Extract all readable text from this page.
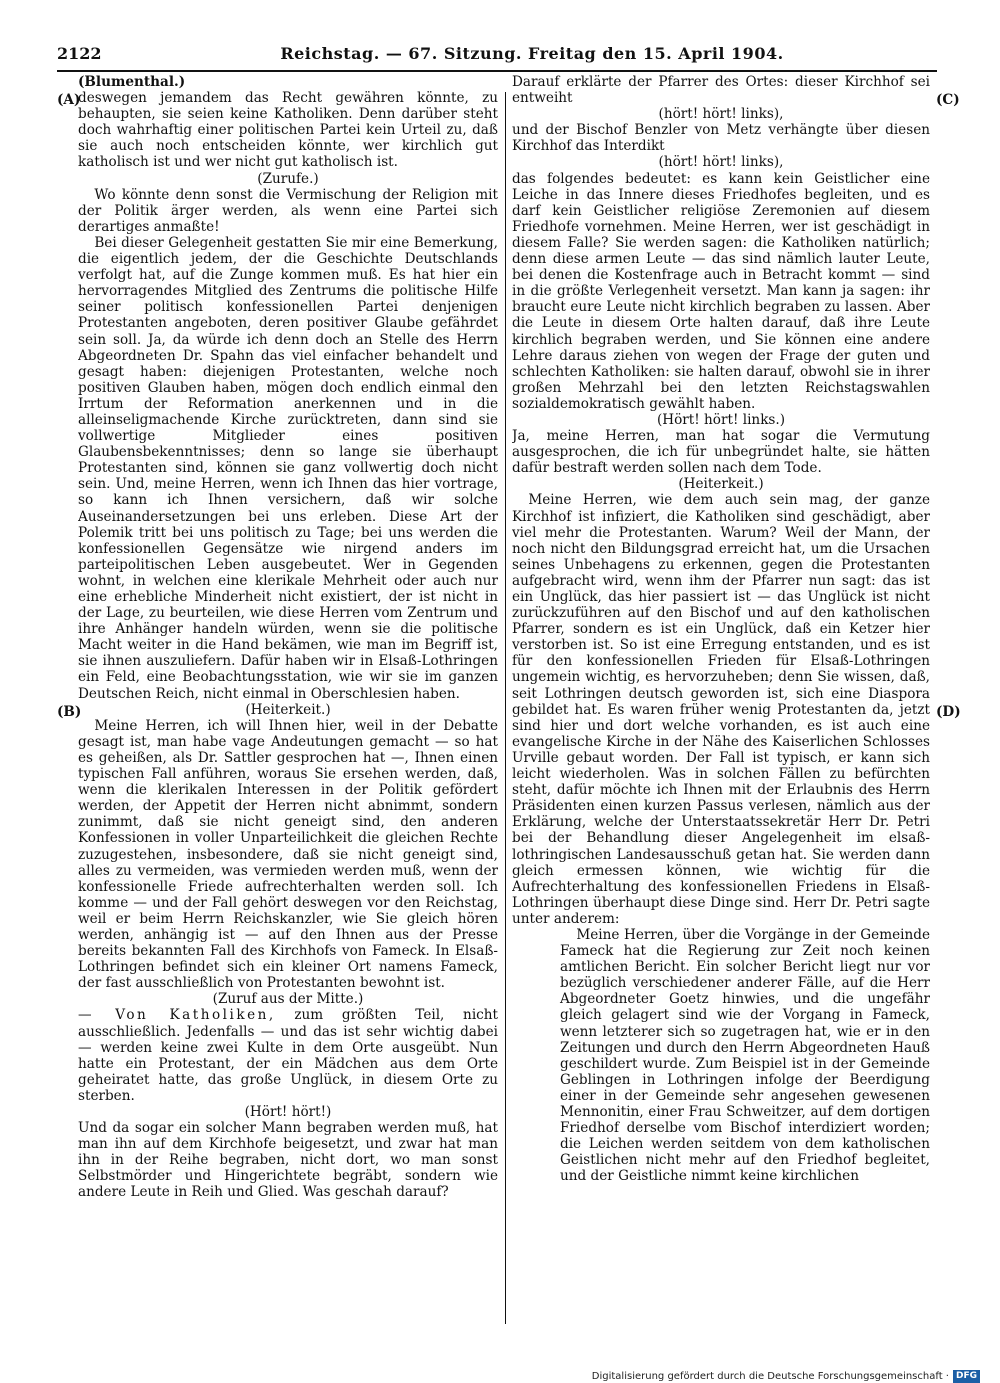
2122	Reichstag. — 67. Sitzung. Freitag den 15. April 1904.
(A)
(B)
(C)
(D)

(Blumenthal.)

deswegen jemandem das Recht gewähren könnte, zu behaupten, sie seien keine Katholiken. Denn darüber steht doch wahrhaftig einer politischen Partei kein Urteil zu, daß sie auch noch entscheiden könnte, wer kirchlich gut katholisch ist und wer nicht gut katholisch ist.

(Zurufe.)

Wo könnte denn sonst die Vermischung der Religion mit der Politik ärger werden, als wenn eine Partei sich derartiges anmaßte!

Bei dieser Gelegenheit gestatten Sie mir eine Bemerkung, die eigentlich jedem, der die Geschichte Deutschlands verfolgt hat, auf die Zunge kommen muß. Es hat hier ein hervorragendes Mitglied des Zentrums die politische Hilfe seiner politisch konfessionellen Partei denjenigen Protestanten angeboten, deren positiver Glaube gefährdet sein soll. Ja, da würde ich denn doch an Stelle des Herrn Abgeordneten Dr. Spahn das viel einfacher behandelt und gesagt haben: diejenigen Protestanten, welche noch positiven Glauben haben, mögen doch endlich einmal den Irrtum der Reformation anerkennen und in die alleinseligmachende Kirche zurücktreten, dann sind sie vollwertige Mitglieder eines positiven Glaubensbekenntnisses; denn so lange sie überhaupt Protestanten sind, können sie ganz vollwertig doch nicht sein. Und, meine Herren, wenn ich Ihnen das hier vortrage, so kann ich Ihnen versichern, daß wir solche Auseinandersetzungen bei uns erleben. Diese Art der Polemik tritt bei uns politisch zu Tage; bei uns werden die konfessionellen Gegensätze wie nirgend anders im parteipolitischen Leben ausgebeutet. Wer in Gegenden wohnt, in welchen eine klerikale Mehrheit oder auch nur eine erhebliche Minderheit nicht existiert, der ist nicht in der Lage, zu beurteilen, wie diese Herren vom Zentrum und ihre Anhänger handeln würden, wenn sie die politische Macht weiter in die Hand bekämen, wie man im Begriff ist, sie ihnen auszuliefern. Dafür haben wir in Elsaß-Lothringen ein Feld, eine Beobachtungsstation, wie wir sie im ganzen Deutschen Reich, nicht einmal in Oberschlesien haben.

(Heiterkeit.)

Meine Herren, ich will Ihnen hier, weil in der Debatte gesagt ist, man habe vage Andeutungen gemacht — so hat es geheißen, als Dr. Sattler gesprochen hat —, Ihnen einen typischen Fall anführen, woraus Sie ersehen werden, daß, wenn die klerikalen Interessen in der Politik gefördert werden, der Appetit der Herren nicht abnimmt, sondern zunimmt, daß sie nicht geneigt sind, den anderen Konfessionen in voller Unparteilichkeit die gleichen Rechte zuzugestehen, insbesondere, daß sie nicht geneigt sind, alles zu vermeiden, was vermieden werden muß, wenn der konfessionelle Friede aufrechterhalten werden soll. Ich komme — und der Fall gehört deswegen vor den Reichstag, weil er beim Herrn Reichskanzler, wie Sie gleich hören werden, anhängig ist — auf den Ihnen aus der Presse bereits bekannten Fall des Kirchhofs von Fameck. In Elsaß-Lothringen befindet sich ein kleiner Ort namens Fameck, der fast ausschließlich von Protestanten bewohnt ist.

(Zuruf aus der Mitte.)

— Von Katholiken, zum größten Teil, nicht ausschließlich. Jedenfalls — und das ist sehr wichtig dabei — werden keine zwei Kulte in dem Orte ausgeübt. Nun hatte ein Protestant, der ein Mädchen aus dem Orte geheiratet hatte, das große Unglück, in diesem Orte zu sterben.

(Hört! hört!)

Und da sogar ein solcher Mann begraben werden muß, hat man ihn auf dem Kirchhofe beigesetzt, und zwar hat man ihn in der Reihe begraben, nicht dort, wo man sonst Selbstmörder und Hingerichtete begräbt, sondern wie andere Leute in Reih und Glied. Was geschah darauf?

Darauf erklärte der Pfarrer des Ortes: dieser Kirchhof sei entweiht

(hört! hört! links),

und der Bischof Benzler von Metz verhängte über diesen Kirchhof das Interdikt

(hört! hört! links),

das folgendes bedeutet: es kann kein Geistlicher eine Leiche in das Innere dieses Friedhofes begleiten, und es darf kein Geistlicher religiöse Zeremonien auf diesem Friedhofe vornehmen. Meine Herren, wer ist geschädigt in diesem Falle? Sie werden sagen: die Katholiken natürlich; denn diese armen Leute — das sind nämlich lauter Leute, bei denen die Kostenfrage auch in Betracht kommt — sind in die größte Verlegenheit versetzt. Man kann ja sagen: ihr braucht eure Leute nicht kirchlich begraben zu lassen. Aber die Leute in diesem Orte halten darauf, daß ihre Leute kirchlich begraben werden, und Sie können eine andere Lehre daraus ziehen von wegen der Frage der guten und schlechten Katholiken: sie halten darauf, obwohl sie in ihrer großen Mehrzahl bei den letzten Reichstagswahlen sozialdemokratisch gewählt haben.

(Hört! hört! links.)

Ja, meine Herren, man hat sogar die Vermutung ausgesprochen, die ich für unbegründet halte, sie hätten dafür bestraft werden sollen nach dem Tode.

(Heiterkeit.)

Meine Herren, wie dem auch sein mag, der ganze Kirchhof ist infiziert, die Katholiken sind geschädigt, aber viel mehr die Protestanten. Warum? Weil der Mann, der noch nicht den Bildungsgrad erreicht hat, um die Ursachen seines Unbehagens zu erkennen, gegen die Protestanten aufgebracht wird, wenn ihm der Pfarrer nun sagt: das ist ein Unglück, das hier passiert ist — das Unglück ist nicht zurückzuführen auf den Bischof und auf den katholischen Pfarrer, sondern es ist ein Unglück, daß ein Ketzer hier verstorben ist. So ist eine Erregung entstanden, und es ist für den konfessionellen Frieden für Elsaß-Lothringen ungemein wichtig, es hervorzuheben; denn Sie wissen, daß, seit Lothringen deutsch geworden ist, sich eine Diaspora gebildet hat. Es waren früher wenig Protestanten da, jetzt sind hier und dort welche vorhanden, es ist auch eine evangelische Kirche in der Nähe des Kaiserlichen Schlosses Urville gebaut worden. Der Fall ist typisch, er kann sich leicht wiederholen. Was in solchen Fällen zu befürchten steht, dafür möchte ich Ihnen mit der Erlaubnis des Herrn Präsidenten einen kurzen Passus verlesen, nämlich aus der Erklärung, welche der Unterstaatssekretär Herr Dr. Petri bei der Behandlung dieser Angelegenheit im elsaß-lothringischen Landesausschuß getan hat. Sie werden dann gleich ermessen können, wie wichtig für die Aufrechterhaltung des konfessionellen Friedens in Elsaß-Lothringen überhaupt diese Dinge sind. Herr Dr. Petri sagte unter anderem:

Meine Herren, über die Vorgänge in der Gemeinde Fameck hat die Regierung zur Zeit noch keinen amtlichen Bericht. Ein solcher Bericht liegt nur vor bezüglich verschiedener anderer Fälle, auf die Herr Abgeordneter Goetz hinwies, und die ungefähr gleich gelagert sind wie der Vorgang in Fameck, wenn letzterer sich so zugetragen hat, wie er in den Zeitungen und durch den Herrn Abgeordneten Hauß geschildert wurde. Zum Beispiel ist in der Gemeinde Geblingen in Lothringen infolge der Beerdigung einer in der Gemeinde sehr angesehen gewesenen Mennonitin, einer Frau Schweitzer, auf dem dortigen Friedhof derselbe vom Bischof interdiziert worden; die Leichen werden seitdem von dem katholischen Geistlichen nicht mehr auf den Friedhof begleitet, und der Geistliche nimmt keine kirchlichen

Digitalisierung gefördert durch die Deutsche Forschungsgemeinschaft · DFG
